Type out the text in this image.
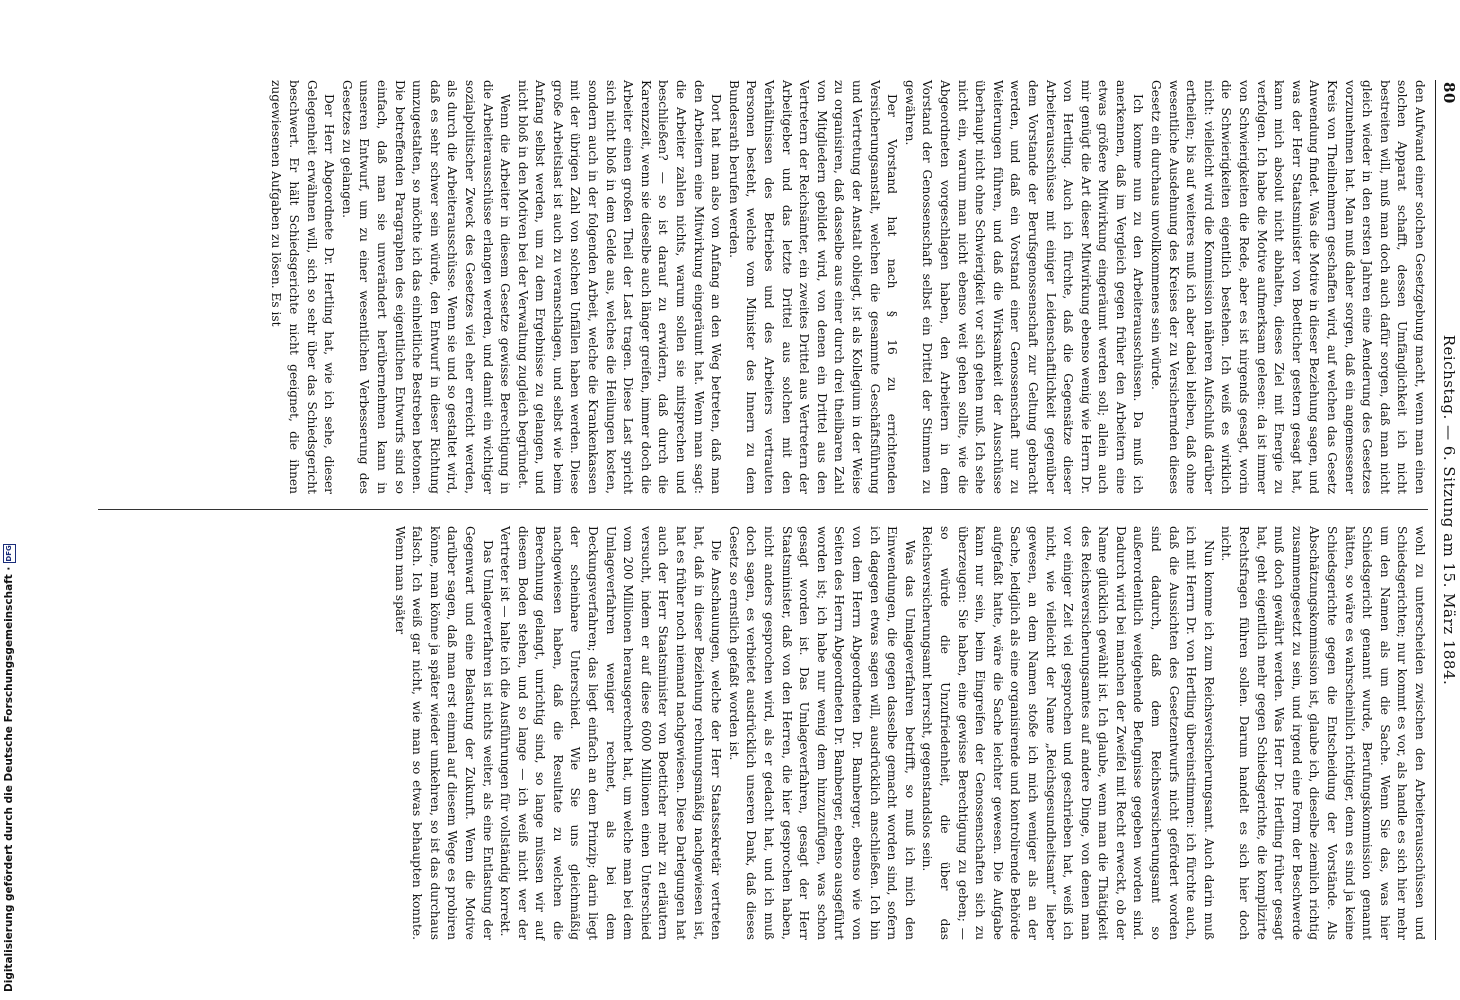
80
Reichstag. — 6. Sitzung am 15. März 1884.

den Aufwand einer solchen Gesetzgebung macht, wenn man einen solchen Apparat schafft, dessen Umfänglichkeit ich nicht bestreiten will, muß man doch auch dafür sorgen, daß man nicht gleich wieder in den ersten Jahren eine Aenderung des Gesetzes vorzunehmen hat. Man muß daher sorgen, daß ein angemessener Kreis von Theilnehmern geschaffen wird, auf welchen das Gesetz Anwendung findet. Was die Motive in dieser Beziehung sagen, und was der Herr Staatsminister von Boetticher gestern gesagt hat, kann mich absolut nicht abhalten, dieses Ziel mit Energie zu verfolgen. Ich habe die Motive aufmerksam gelesen: da ist immer von Schwierigkeiten die Rede, aber es ist nirgends gesagt, worin die Schwierigkeiten eigentlich bestehen. Ich weiß es wirklich nicht: vielleicht wird die Kommission näheren Aufschluß darüber ertheilen; bis auf weiteres muß ich aber dabei bleiben, daß ohne wesentliche Ausdehnung des Kreises der zu Versichernden dieses Gesetz ein durchaus unvollkommenes sein würde.

Ich komme nun zu den Arbeiterausschüssen. Da muß ich anerkennen, daß im Vergleich gegen früher den Arbeitern eine etwas größere Mitwirkung eingeräumt werden soll; allein auch mir genügt die Art dieser Mitwirkung ebenso wenig wie Herrn Dr. von Hertling. Auch ich fürchte, daß die Gegensätze dieser Arbeiterausschüsse mit einiger Leidenschaftlichkeit gegenüber dem Vorstande der Berufsgenossenschaft zur Geltung gebracht werden, und daß ein Vorstand einer Genossenschaft nur zu Weiterungen führen, und daß die Wirksamkeit der Ausschüsse überhaupt nicht ohne Schwierigkeit vor sich gehen muß. Ich sehe nicht ein, warum man nicht ebenso weit gehen sollte, wie die Abgeordneten vorgeschlagen haben, den Arbeitern in dem Vorstand der Genossenschaft selbst ein Drittel der Stimmen zu gewähren.

Der Vorstand hat nach § 16 zu errichtenden Versicherungsanstalt, welchen die gesammte Geschäftsführung und Vertretung der Anstalt obliegt, ist als Kollegium in der Weise zu organisiren, daß dasselbe aus einer durch drei theilbaren Zahl von Mitgliedern gebildet wird, von denen ein Drittel aus den Vertretern der Reichsämter, ein zweites Drittel aus Vertretern der Arbeitgeber und das letzte Drittel aus solchen mit den Verhältnissen des Betriebes und des Arbeiters vertrauten Personen besteht, welche vom Minister des Innern zu dem Bundesrath berufen werden.

Dort hat man also von Anfang an den Weg betreten, daß man den Arbeitern eine Mitwirkung eingeräumt hat. Wenn man sagt: die Arbeiter zahlen nichts, warum sollen sie mitsprechen und beschließen? — so ist darauf zu erwidern, daß durch die Karenzzeit, wenn sie dieselbe auch länger greifen, immer doch die Arbeiter einen großen Theil der Last tragen. Diese Last spricht sich nicht bloß in dem Gelde aus, welches die Heilungen kosten, sondern auch in der folgenden Arbeit, welche die Krankenkassen mit der übrigen Zahl von solchen Unfällen haben werden. Diese große Arbeitslast ist auch zu veranschlagen, und selbst wie beim Anfang selbst werden, um zu dem Ergebnisse zu gelangen, und nicht bloß in den Motiven bei der Verwaltung zugleich begründet.

Wenn die Arbeiter in diesem Gesetze gewisse Berechtigung in die Arbeiterausschüsse erlangen werden, und damit ein wichtiger sozialpolitischer Zweck des Gesetzes viel eher erreicht werden, als durch die Arbeiterausschüsse. Wenn sie und so gestaltet wird, daß es sehr schwer sein würde, den Entwurf in dieser Richtung umzugestalten, so möchte ich das einheitliche Bestreben betonen. Die betreffenden Paragraphen des eigentlichen Entwurfs sind so einfach, daß man sie unverändert herübernehmen kann in unseren Entwurf, um zu einer wesentlichen Verbesserung des Gesetzes zu gelangen.

Der Herr Abgeordnete Dr. Hertling hat, wie ich sehe, dieser Gelegenheit erwähnen will, sich so sehr über das Schiedsgericht beschwert. Er hält Schiedsgerichte nicht geeignet, die ihnen zugewiesenen Aufgaben zu lösen. Es ist

wohl zu unterscheiden zwischen den Arbeiterausschüssen und Schiedsgerichten; nur kommt es vor, als handle es sich hier mehr um den Namen als um die Sache. Wenn Sie das, was hier Schiedsgericht genannt wurde, Berufungskommission genannt hätten, so wäre es wahrscheinlich richtiger, denn es sind ja keine Schiedsgerichte gegen die Entscheidung der Vorstände. Als Abschätzungskommission ist, glaube ich, dieselbe ziemlich richtig zusammengesetzt zu sein, und irgend eine Form der Beschwerde muß doch gewährt werden. Was Herr Dr. Hertling früher gesagt hat, geht eigentlich mehr gegen Schiedsgerichte, die komplizirte Rechtsfragen führen sollen. Darum handelt es sich hier doch nicht.

Nun komme ich zum Reichsversicherungsamt. Auch darin muß ich mit Herrn Dr. von Hertling übereinstimmen: ich fürchte auch, daß die Aussichten des Gesetzentwurfs nicht gefördert worden sind dadurch, daß dem Reichsversicherungsamt so außerordentlich weitgehende Befugnisse gegeben worden sind. Dadurch wird bei manchen der Zweifel mit Recht erweckt, ob der Name glücklich gewählt ist. Ich glaube, wenn man die Thätigkeit des Reichsversicherungsamtes auf andere Dinge, von denen man vor einiger Zeit viel gesprochen und geschrieben hat, weiß ich nicht, wie vielleicht der Name „Reichsgesundheitsamt“ lieber gewesen, an dem Namen stoße ich mich weniger als an der Sache, lediglich als eine organisirende und kontrolirende Behörde aufgefaßt hatte, wäre die Sache leichter gewesen. Die Aufgabe kann nur sein, beim Eingreifen der Genossenschaften sich zu überzeugen: Sie haben, eine gewisse Berechtigung zu geben; — so würde die Unzufriedenheit, die über das Reichsversicherungsamt herrscht, gegenstandslos sein.

Was das Umlageverfahren betrifft, so muß ich mich den Einwendungen, die gegen dasselbe gemacht worden sind, sofern ich dagegen etwas sagen will, ausdrücklich anschließen. Ich bin von dem Herrn Abgeordneten Dr. Bamberger, ebenso wie von Seiten des Herrn Abgeordneten Dr. Bamberger, ebenso ausgeführt worden ist; ich habe nur wenig dem hinzuzufügen, was schon gesagt worden ist. Das Umlageverfahren, gesagt der Herr Staatsminister, daß von den Herren, die hier gesprochen haben, nicht anders gesprochen wird, als er gedacht hat, und ich muß doch sagen, es verbietet ausdrücklich unseren Dank, daß dieses Gesetz so ernstlich gefaßt worden ist.

Die Anschauungen, welche der Herr Staatssekretär vertreten hat, daß in dieser Beziehung rechnungsmäßig nachgewiesen ist, hat es früher noch niemand nachgewiesen. Diese Darlegungen hat auch der Herr Staatsminister von Boetticher mehr zu erläutern versucht, indem er auf diese 6000 Millionen einen Unterschied vom 200 Millionen herausgerechnet hat, um welche man bei dem Umlageverfahren weniger rechnet, als bei dem Deckungsverfahren; das liegt einfach an dem Prinzip; darin liegt der scheinbare Unterschied. Wie Sie uns gleichmäßig nachgewiesen haben, daß die Resultate zu welchen die Berechnung gelangt, unrichtig sind, so lange müssen wir auf diesem Boden stehen, und so lange — ich weiß nicht wer der Vertreter ist — halte ich die Ausführungen für vollständig korrekt.

Das Umlageverfahren ist nichts weiter, als eine Entlastung der Gegenwart und eine Belastung der Zukunft. Wenn die Motive darüber sagen, daß man erst einmal auf diesem Wege es probiren könne, man könne ja später wieder umkehren, so ist das durchaus falsch. Ich weiß gar nicht, wie man so etwas behaupten konnte. Wenn man später

Digitalisierung gefördert durch die Deutsche Forschungsgemeinschaft ·
DFG
